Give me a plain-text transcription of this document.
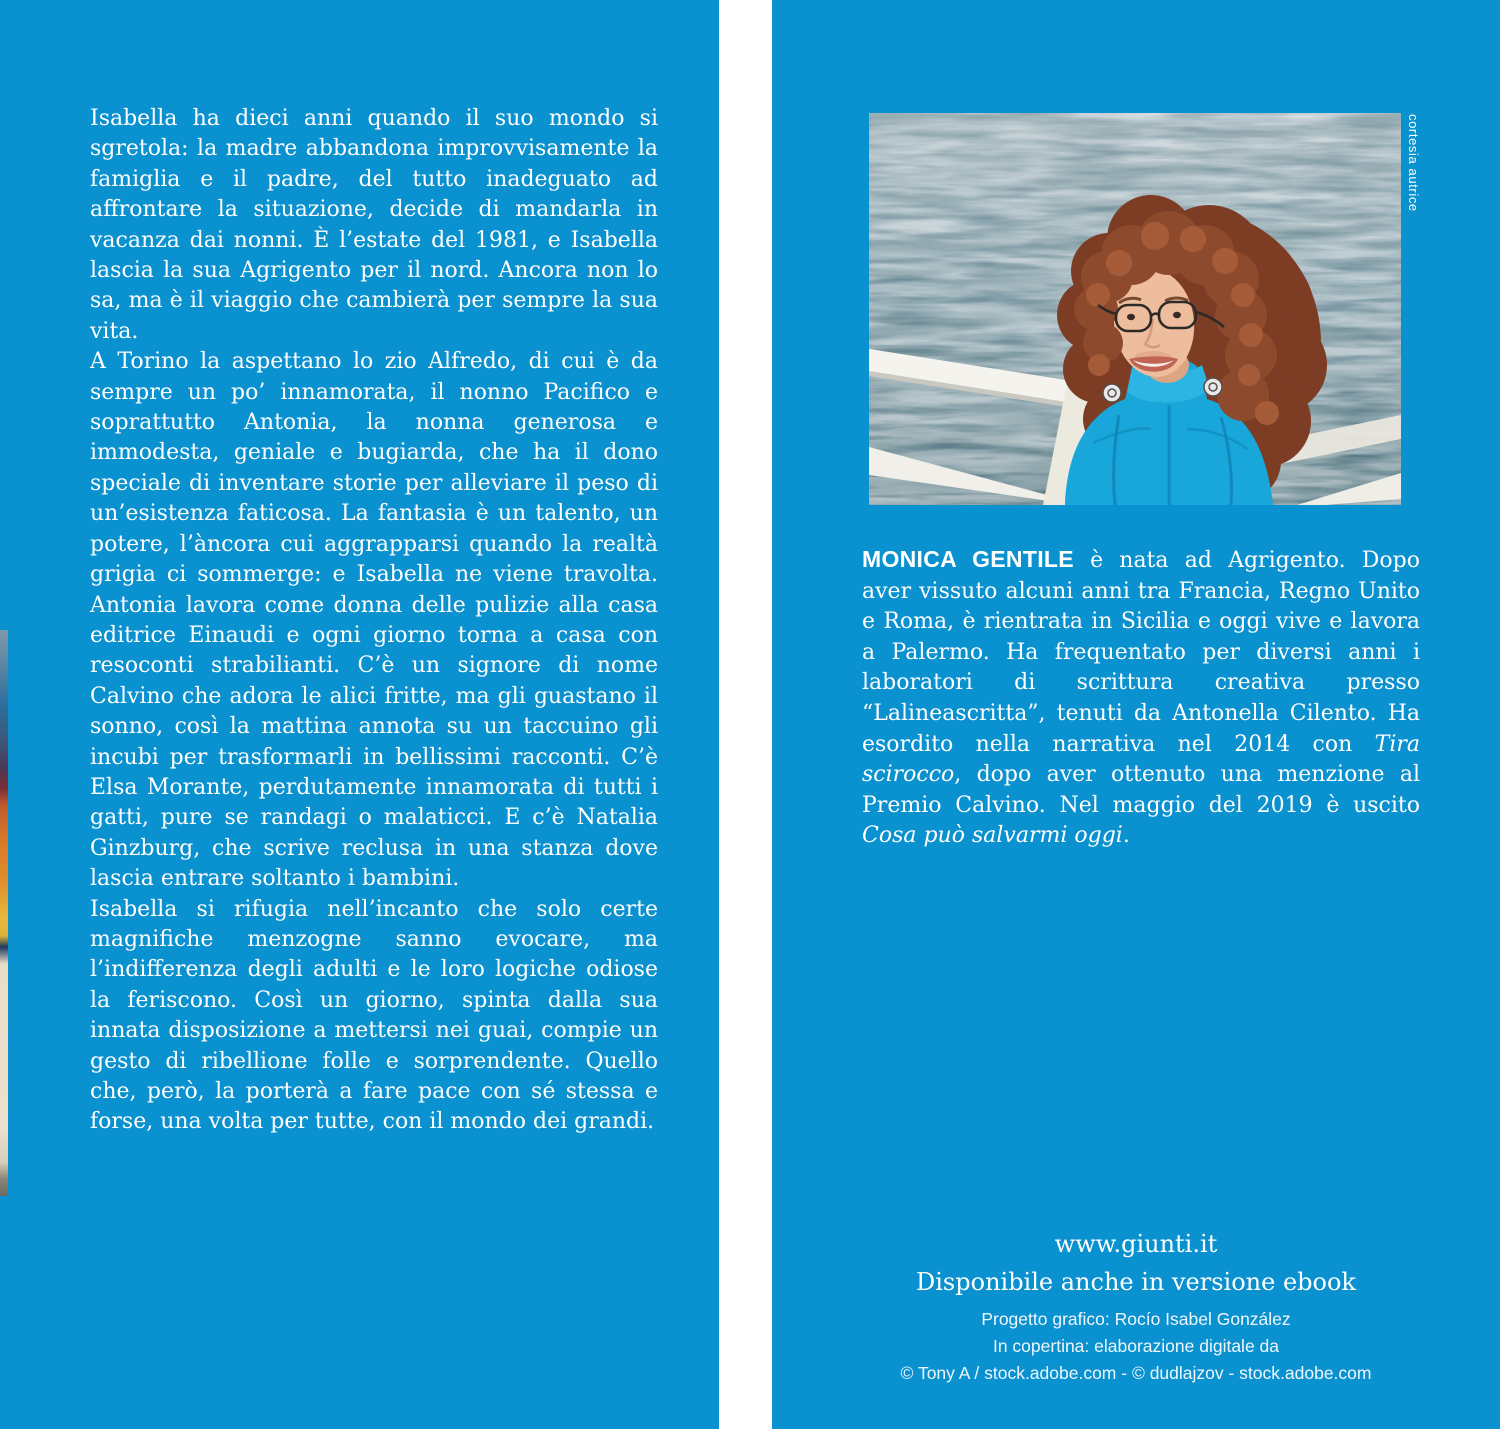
Isabella ha dieci anni quando il suo mondo si sgretola: la madre abbandona improvvisamente la famiglia e il padre, del tutto inadeguato ad affrontare la situazione, decide di mandarla in vacanza dai nonni. È l’estate del 1981, e Isabella lascia la sua Agrigento per il nord. Ancora non lo sa, ma è il viaggio che cambierà per sempre la sua vita.

A Torino la aspettano lo zio Alfredo, di cui è da sempre un po’ innamorata, il nonno Pacifico e soprattutto Antonia, la nonna generosa e immodesta, geniale e bugiarda, che ha il dono speciale di inventare storie per alleviare il peso di un’esistenza faticosa. La fantasia è un talento, un potere, l’àncora cui aggrapparsi quando la realtà grigia ci sommerge: e Isabella ne viene travolta. Antonia lavora come donna delle pulizie alla casa editrice Einaudi e ogni giorno torna a casa con resoconti strabilianti. C’è un signore di nome Calvino che adora le alici fritte, ma gli guastano il sonno, così la mattina annota su un taccuino gli incubi per trasformarli in bellissimi racconti. C’è Elsa Morante, perdutamente innamorata di tutti i gatti, pure se randagi o malaticci. E c’è Natalia Ginzburg, che scrive reclusa in una stanza dove lascia entrare soltanto i bambini.

Isabella si rifugia nell’incanto che solo certe magnifiche menzogne sanno evocare, ma l’indifferenza degli adulti e le loro logiche odiose la feriscono. Così un giorno, spinta dalla sua innata disposizione a mettersi nei guai, compie un gesto di ribellione folle e sorprendente. Quello che, però, la porterà a fare pace con sé stessa e forse, una volta per tutte, con il mondo dei grandi.

cortesia autrice

MONICA GENTILE è nata ad Agrigento. Dopo aver vissuto alcuni anni tra Francia, Regno Unito e Roma, è rientrata in Sicilia e oggi vive e lavora a Palermo. Ha frequentato per diversi anni i laboratori di scrittura creativa presso “Lalineascritta”, tenuti da Antonella Cilento. Ha esordito nella narrativa nel 2014 con Tira scirocco, dopo aver ottenuto una menzione al Premio Calvino. Nel maggio del 2019 è uscito Cosa può salvarmi oggi.

www.giunti.it
Disponibile anche in versione ebook
Progetto grafico: Rocío Isabel González
In copertina: elaborazione digitale da
© Tony A / stock.adobe.com - © dudlajzov - stock.adobe.com
